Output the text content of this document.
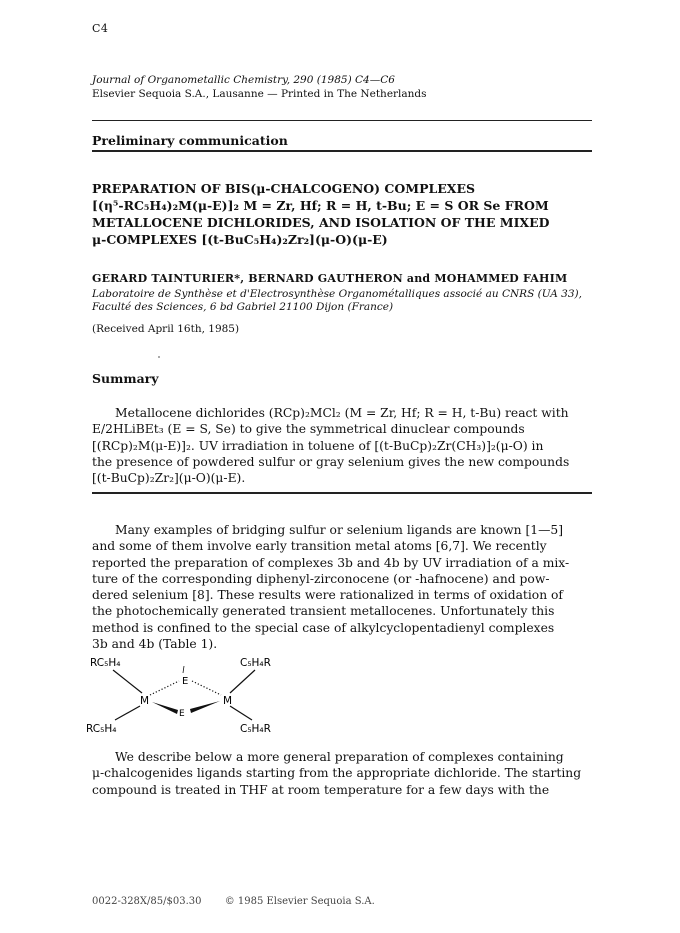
C4
Journal of Organometallic Chemistry, 290 (1985) C4—C6
Elsevier Sequoia S.A., Lausanne — Printed in The Netherlands
Preliminary communication
PREPARATION OF BIS(μ-CHALCOGENO) COMPLEXES
[(η⁵-RC₅H₄)₂M(μ-E)]₂ M = Zr, Hf; R = H, t-Bu; E = S OR Se FROM
METALLOCENE DICHLORIDES, AND ISOLATION OF THE MIXED
μ-COMPLEXES [(t-BuC₅H₄)₂Zr₂](μ-O)(μ-E)
GERARD TAINTURIER*, BERNARD GAUTHERON and MOHAMMED FAHIM
Laboratoire de Synthèse et d'Electrosynthèse Organométalliques associé au CNRS (UA 33),
Faculté des Sciences, 6 bd Gabriel 21100 Dijon (France)
(Received April 16th, 1985)
Summary
Metallocene dichlorides (RCp)₂MCl₂ (M = Zr, Hf; R = H, t-Bu) react with
E/2HLiBEt₃ (E = S, Se) to give the symmetrical dinuclear compounds
[(RCp)₂M(μ-E)]₂. UV irradiation in toluene of [(t-BuCp)₂Zr(CH₃)]₂(μ-O) in
the presence of powdered sulfur or gray selenium gives the new compounds
[(t-BuCp)₂Zr₂](μ-O)(μ-E).
Many examples of bridging sulfur or selenium ligands are known [1—5]
and some of them involve early transition metal atoms [6,7]. We recently
reported the preparation of complexes 3b and 4b by UV irradiation of a mix-
ture of the corresponding diphenyl-zirconocene (or -hafnocene) and pow-
dered selenium [8]. These results were rationalized in terms of oxidation of
the photochemically generated transient metallocenes. Unfortunately this
method is confined to the special case of alkylcyclopentadienyl complexes
3b and 4b (Table 1).
RC₅H₄	C₅H₄R
RC₅H₄	C₅H₄R
M	M
E
E
We describe below a more general preparation of complexes containing
μ-chalcogenides ligands starting from the appropriate dichloride. The starting
compound is treated in THF at room temperature for a few days with the
0022-328X/85/$03.30 © 1985 Elsevier Sequoia S.A.
